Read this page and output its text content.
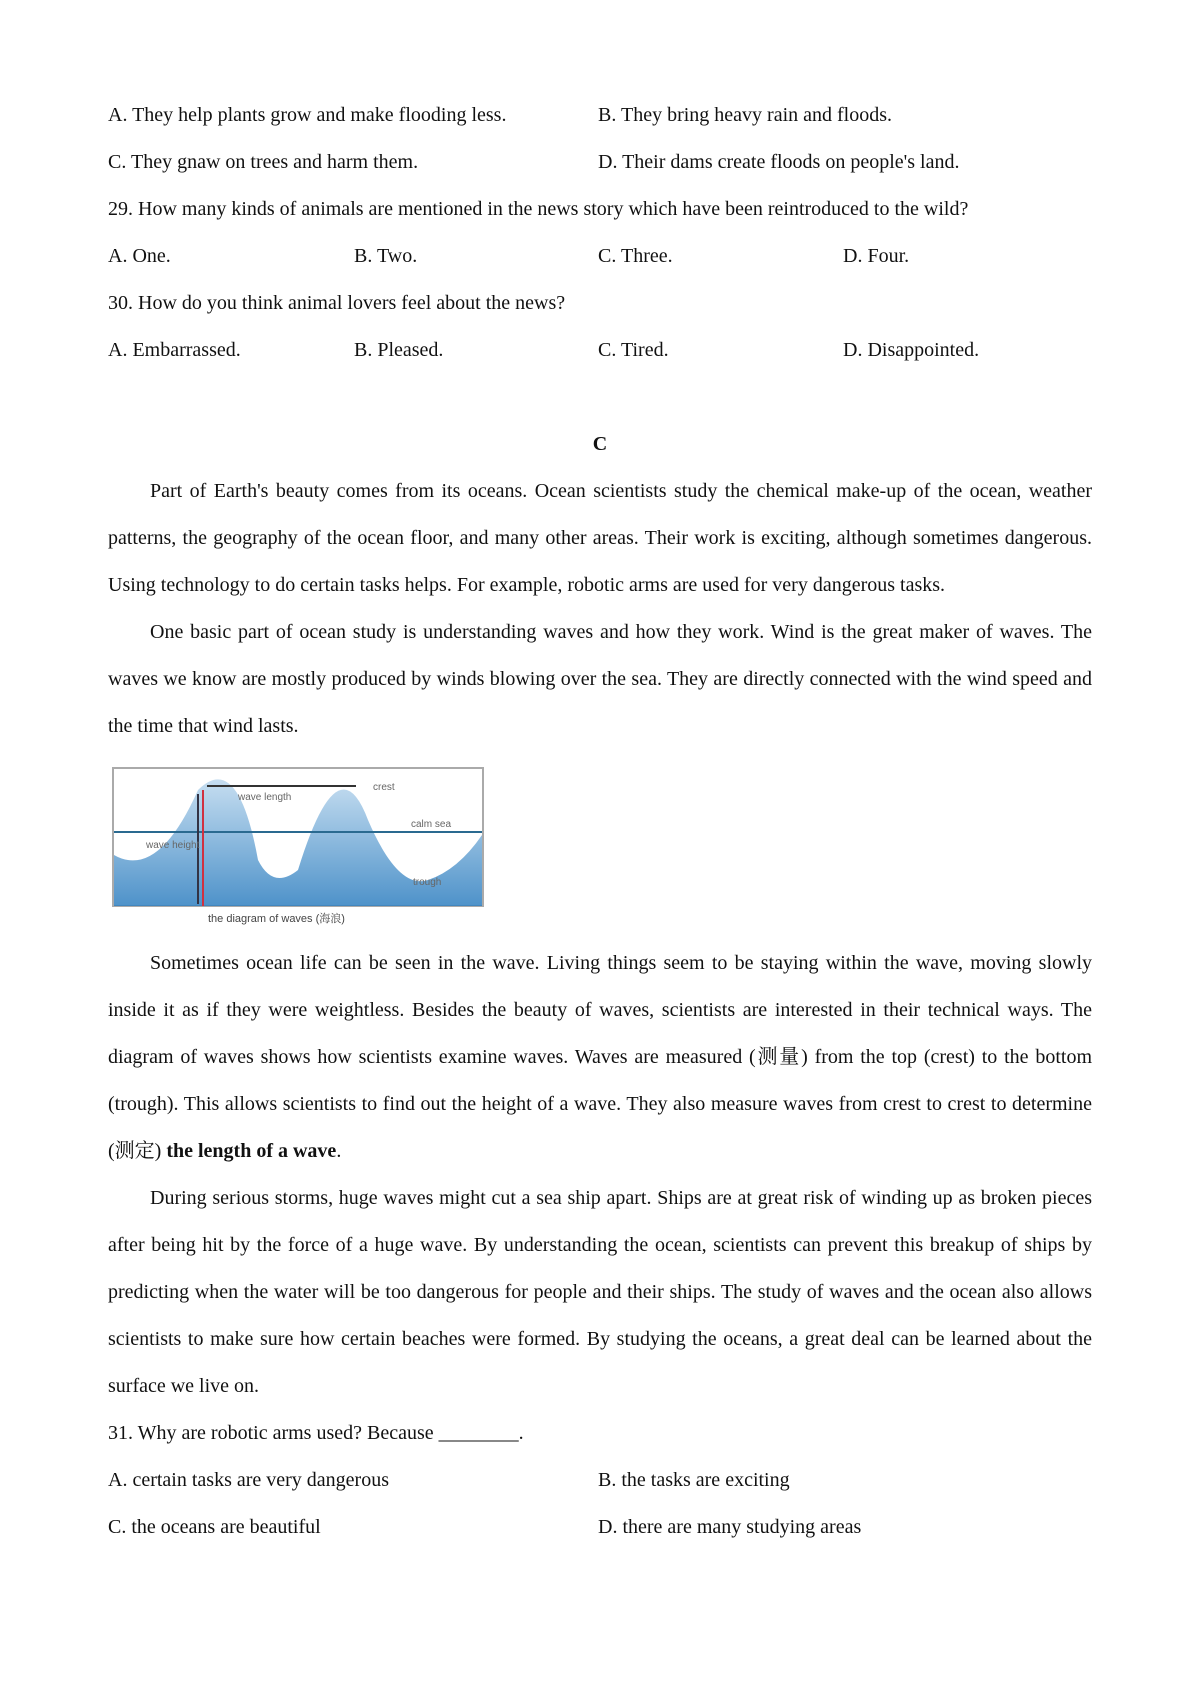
A. They help plants grow and make flooding less.	B. They bring heavy rain and floods.
C. They gnaw on trees and harm them.	D. Their dams create floods on people's land.
29. How many kinds of animals are mentioned in the news story which have been reintroduced to the wild?
A. One.	B. Two.	C. Three.	D. Four.
30. How do you think animal lovers feel about the news?
A. Embarrassed.	B. Pleased.	C. Tired.	D. Disappointed.
C
Part of Earth's beauty comes from its oceans. Ocean scientists study the chemical make-up of the ocean, weather patterns, the geography of the ocean floor, and many other areas. Their work is exciting, although sometimes dangerous. Using technology to do certain tasks helps. For example, robotic arms are used for very dangerous tasks.
One basic part of ocean study is understanding waves and how they work. Wind is the great maker of waves. The waves we know are mostly produced by winds blowing over the sea. They are directly connected with the wind speed and the time that wind lasts.
wave length
crest
calm sea
wave height
trough
the diagram of waves (海浪)
Sometimes ocean life can be seen in the wave. Living things seem to be staying within the wave, moving slowly inside it as if they were weightless. Besides the beauty of waves, scientists are interested in their technical ways. The diagram of waves shows how scientists examine waves. Waves are measured (测量) from the top (crest) to the bottom (trough). This allows scientists to find out the height of a wave. They also measure waves from crest to crest to determine (测定) the length of a wave.
During serious storms, huge waves might cut a sea ship apart. Ships are at great risk of winding up as broken pieces after being hit by the force of a huge wave. By understanding the ocean, scientists can prevent this breakup of ships by predicting when the water will be too dangerous for people and their ships. The study of waves and the ocean also allows scientists to make sure how certain beaches were formed. By studying the oceans, a great deal can be learned about the surface we live on.
31. Why are robotic arms used? Because ________.
A. certain tasks are very dangerous	B. the tasks are exciting
C. the oceans are beautiful	D. there are many studying areas
